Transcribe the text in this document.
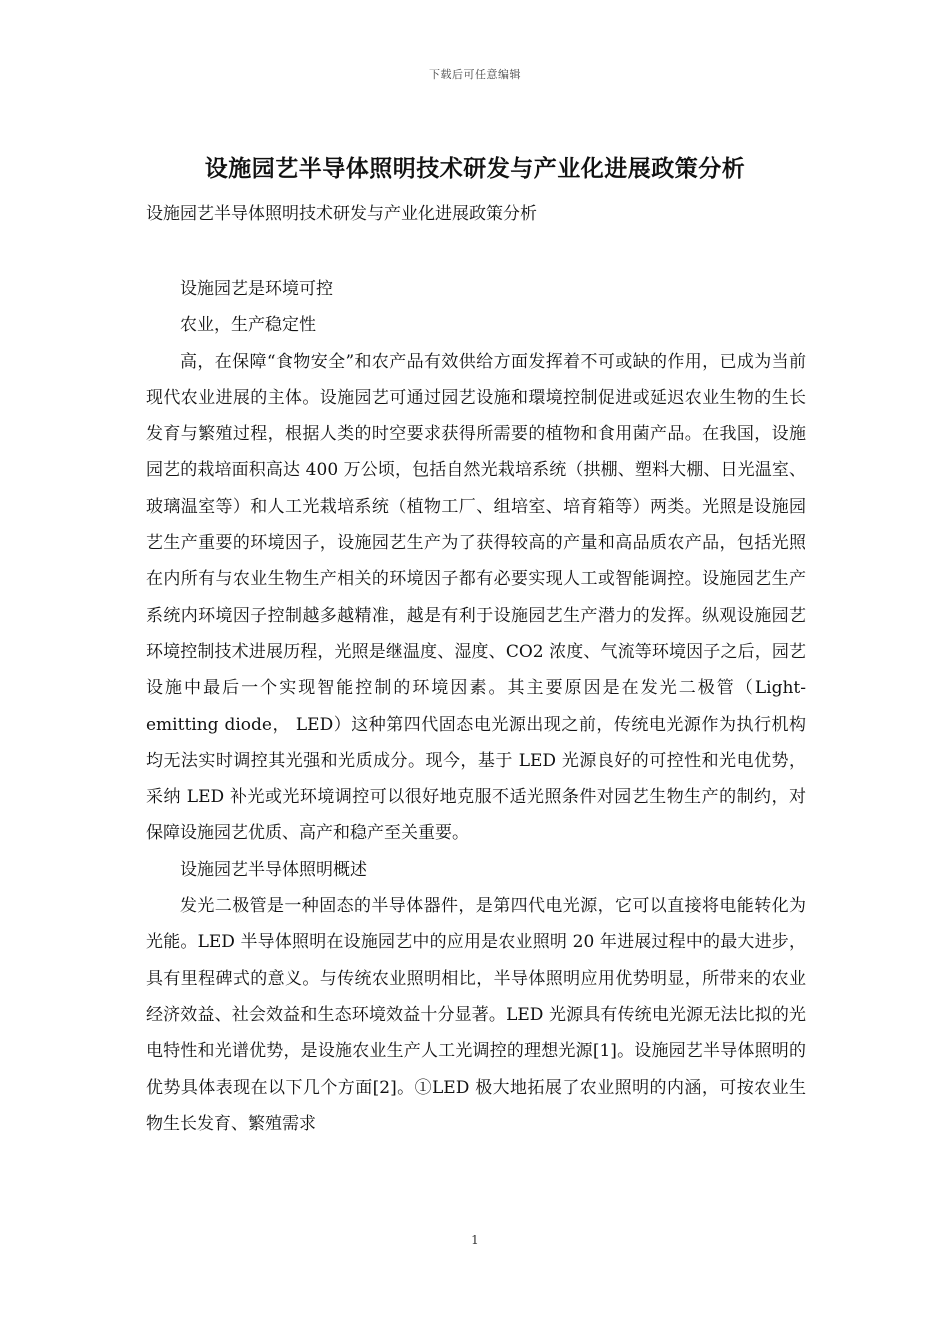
下载后可任意编辑
设施园艺半导体照明技术研发与产业化进展政策分析

设施园艺半导体照明技术研发与产业化进展政策分析

设施园艺是环境可控

农业，生产稳定性

高，在保障“食物安全”和农产品有效供给方面发挥着不可或缺的作用，已成为当前现代农业进展的主体。设施园艺可通过园艺设施和環境控制促进或延迟农业生物的生长发育与繁殖过程，根据人类的时空要求获得所需要的植物和食用菌产品。在我国，设施园艺的栽培面积高达 400 万公顷，包括自然光栽培系统（拱棚、塑料大棚、日光温室、玻璃温室等）和人工光栽培系统（植物工厂、组培室、培育箱等）两类。光照是设施园艺生产重要的环境因子，设施园艺生产为了获得较高的产量和高品质农产品，包括光照在内所有与农业生物生产相关的环境因子都有必要实现人工或智能调控。设施园艺生产系统内环境因子控制越多越精准，越是有利于设施园艺生产潜力的发挥。纵观设施园艺环境控制技术进展历程，光照是继温度、湿度、CO2 浓度、气流等环境因子之后，园艺设施中最后一个实现智能控制的环境因素。其主要原因是在发光二极管（Light-emitting diode， LED）这种第四代固态电光源出现之前，传统电光源作为执行机构均无法实时调控其光强和光质成分。现今，基于 LED 光源良好的可控性和光电优势，采纳 LED 补光或光环境调控可以很好地克服不适光照条件对园艺生物生产的制约，对保障设施园艺优质、高产和稳产至关重要。

设施园艺半导体照明概述

发光二极管是一种固态的半导体器件，是第四代电光源，它可以直接将电能转化为光能。LED 半导体照明在设施园艺中的应用是农业照明 20 年进展过程中的最大进步，具有里程碑式的意义。与传统农业照明相比，半导体照明应用优势明显，所带来的农业经济效益、社会效益和生态环境效益十分显著。LED 光源具有传统电光源无法比拟的光电特性和光谱优势，是设施农业生产人工光调控的理想光源[1]。设施园艺半导体照明的优势具体表现在以下几个方面[2]。①LED 极大地拓展了农业照明的内涵，可按农业生物生长发育、繁殖需求

1
